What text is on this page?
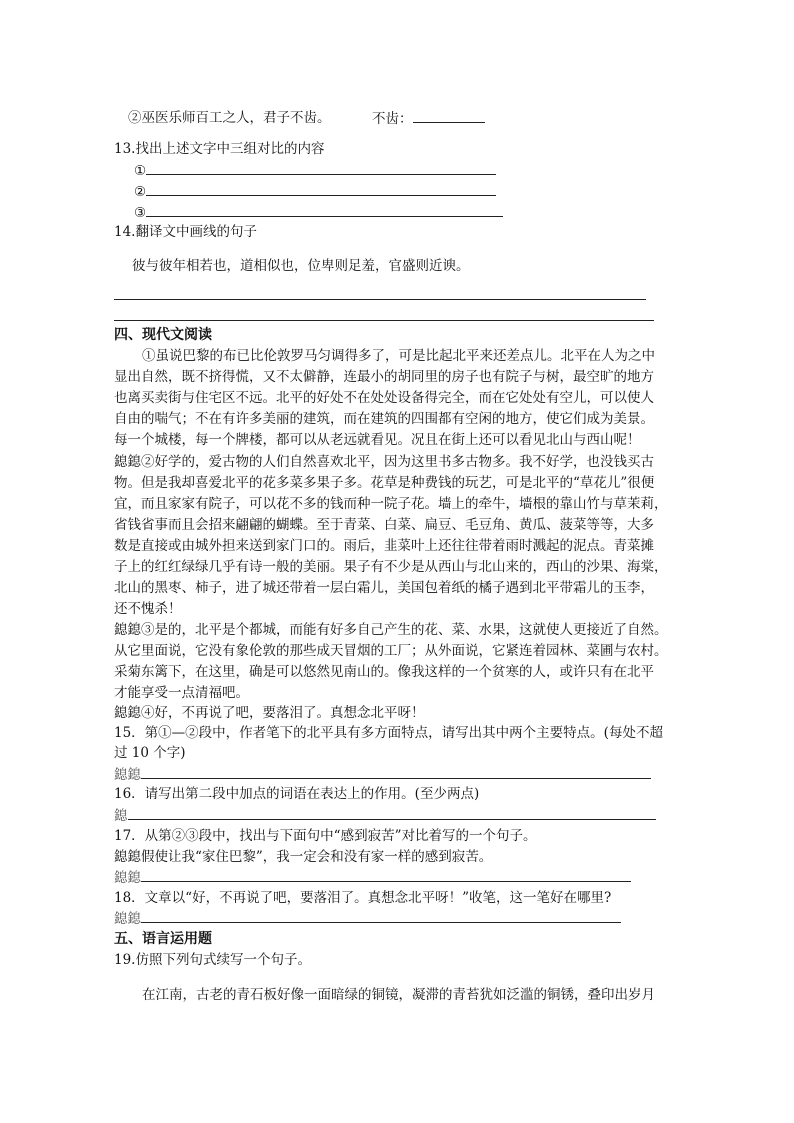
②巫医乐师百工之人，君子不齿。	不齿：
13.找出上述文字中三组对比的内容
①
②
③
14.翻译文中画线的句子
彼与彼年相若也，道相似也，位卑则足羞，官盛则近谀。
四、现代文阅读
①虽说巴黎的布已比伦敦罗马匀调得多了，可是比起北平来还差点儿。北平在人为之中
显出自然，既不挤得慌，又不太僻静，连最小的胡同里的房子也有院子与树，最空旷的地方
也离买卖街与住宅区不远。北平的好处不在处处设备得完全，而在它处处有空儿，可以使人
自由的喘气；不在有许多美丽的建筑，而在建筑的四围都有空闲的地方，使它们成为美景。
每一个城楼，每一个牌楼，都可以从老远就看见。况且在街上还可以看见北山与西山呢！
鎴鎴②好学的，爱古物的人们自然喜欢北平，因为这里书多古物多。我不好学，也没钱买古
物。但是我却喜爱北平的花多菜多果子多。花草是种费钱的玩艺，可是北平的“草花儿”很便
宜，而且家家有院子，可以花不多的钱而种一院子花。墙上的牵牛，墙根的靠山竹与草茉莉，
省钱省事而且会招来翩翩的蝴蝶。至于青菜、白菜、扁豆、毛豆角、黄瓜、菠菜等等，大多
数是直接或由城外担来送到家门口的。雨后，韭菜叶上还往往带着雨时溅起的泥点。青菜摊
子上的红红绿绿几乎有诗一般的美丽。果子有不少是从西山与北山来的，西山的沙果、海棠，
北山的黑枣、柿子，进了城还带着一层白霜儿，美国包着纸的橘子遇到北平带霜儿的玉李，
还不愧杀！
鎴鎴③是的，北平是个都城，而能有好多自己产生的花、菜、水果，这就使人更接近了自然。
从它里面说，它没有象伦敦的那些成天冒烟的工厂；从外面说，它紧连着园林、菜圃与农村。
采菊东篱下，在这里，确是可以悠然见南山的。像我这样的一个贫寒的人，或许只有在北平
才能享受一点清福吧。
鎴鎴④好，不再说了吧，要落泪了。真想念北平呀！
15．第①—②段中，作者笔下的北平具有多方面特点，请写出其中两个主要特点。(每处不超
过 10 个字)
鎴鎴
16．请写出第二段中加点的词语在表达上的作用。(至少两点)
鎴
17．从第②③段中，找出与下面句中“感到寂苦”对比着写的一个句子。
鎴鎴假使让我“家住巴黎”，我一定会和没有家一样的感到寂苦。
鎴鎴
18．文章以“好，不再说了吧，要落泪了。真想念北平呀！”收笔，这一笔好在哪里?
鎴鎴
五、语言运用题
19.仿照下列句式续写一个句子。
在江南，古老的青石板好像一面暗绿的铜镜，凝滞的青苔犹如泛滥的铜锈，叠印出岁月
